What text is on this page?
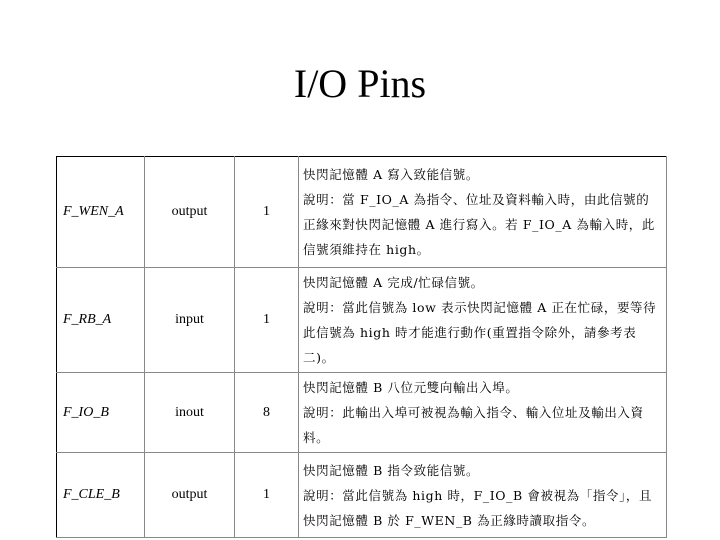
I/O Pins
F_WEN_A	output	1	快閃記憶體 A 寫入致能信號。
說明：當 F_IO_A 為指令、位址及資料輸入時，由此信號的正緣來對快閃記憶體 A 進行寫入。若 F_IO_A 為輸入時，此信號須維持在 high。

F_RB_A	input	1	快閃記憶體 A 完成/忙碌信號。
說明：當此信號為 low 表示快閃記憶體 A 正在忙碌，要等待此信號為 high 時才能進行動作(重置指令除外，請參考表二)。

F_IO_B	inout	8	快閃記憶體 B 八位元雙向輸出入埠。
說明：此輸出入埠可被視為輸入指令、輸入位址及輸出入資料。

F_CLE_B	output	1	快閃記憶體 B 指令致能信號。
說明：當此信號為 high 時，F_IO_B 會被視為「指令」，且快閃記憶體 B 於 F_WEN_B 為正緣時讀取指令。
